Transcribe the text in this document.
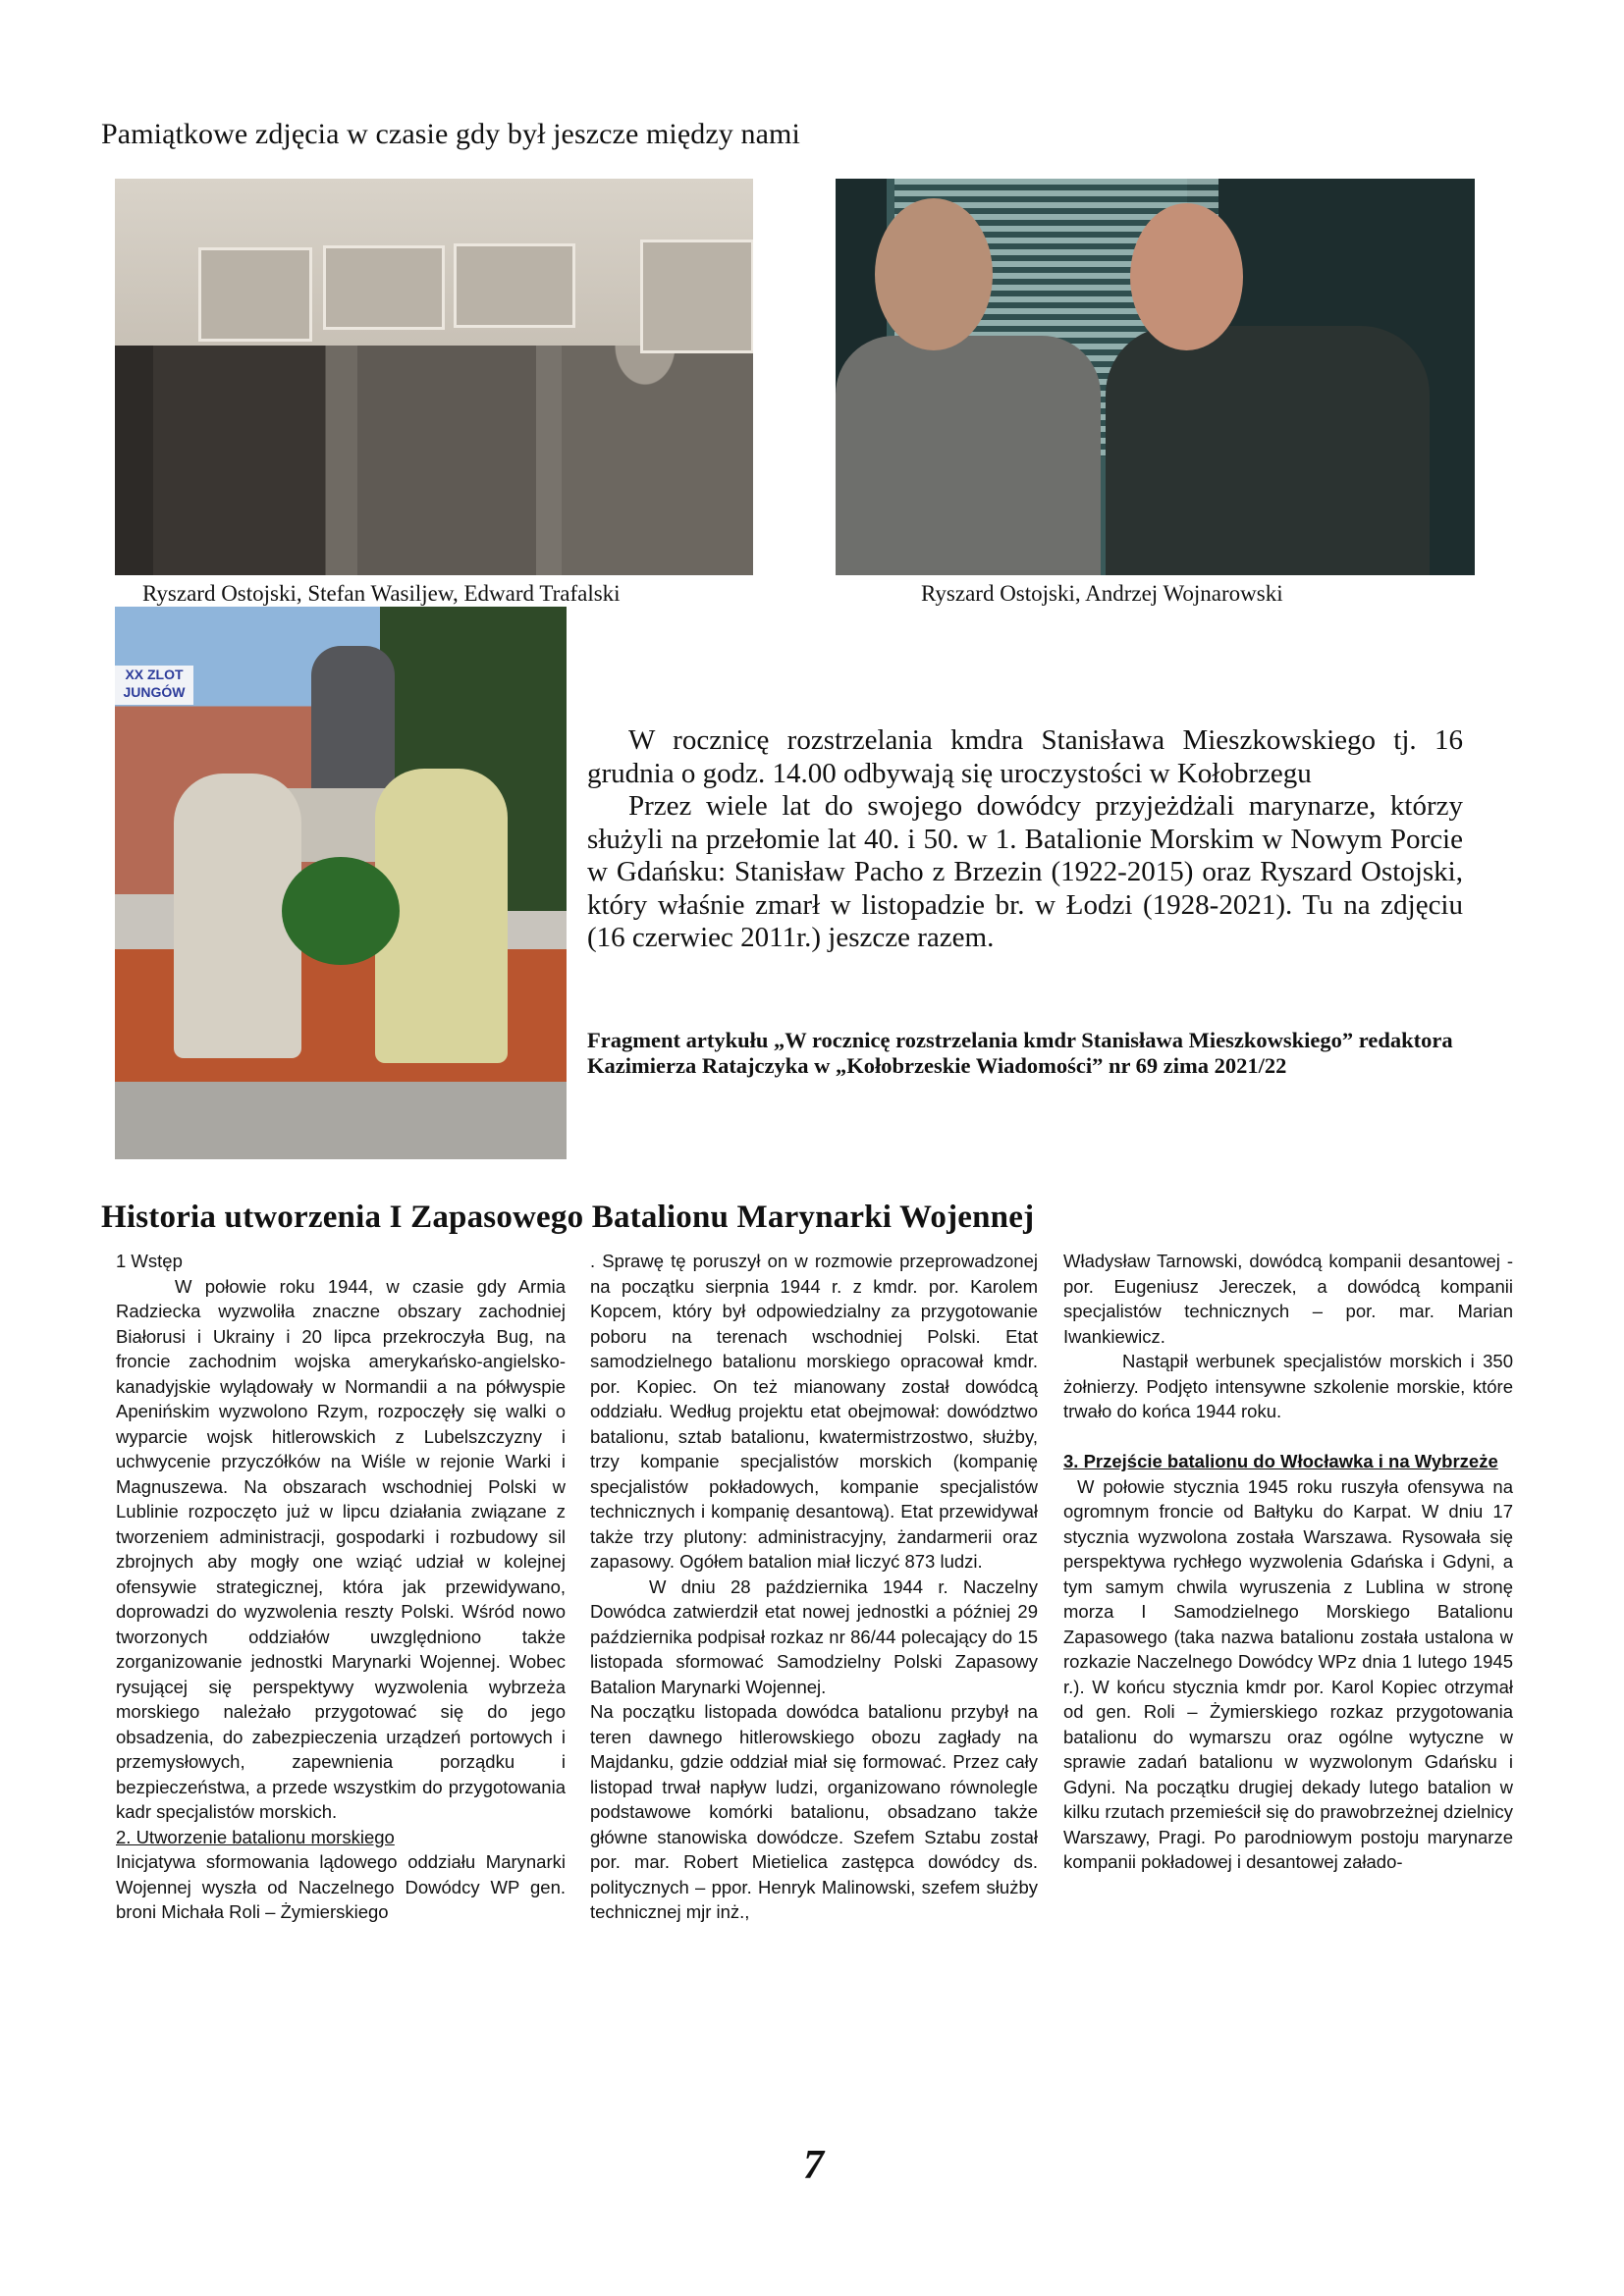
Pamiątkowe zdjęcia w czasie gdy był jeszcze między nami
Ryszard Ostojski, Stefan Wasiljew, Edward Trafalski	Ryszard Ostojski, Andrzej Wojnarowski
XX ZLOT JUNGÓW

W rocznicę rozstrzelania kmdra Stanisława Mieszkowskiego tj. 16 grudnia o godz. 14.00 odbywają się uroczystości w Kołobrzegu

Przez wiele lat do swojego dowódcy przyjeżdżali marynarze, którzy służyli na przełomie lat 40. i 50. w 1. Batalionie Morskim w Nowym Porcie w Gdańsku: Stanisław Pacho z Brzezin (1922-2015) oraz Ryszard Ostojski, który właśnie zmarł w listopadzie br. w Łodzi (1928-2021). Tu na zdjęciu (16 czerwiec 2011r.) jeszcze razem.

Fragment artykułu „W rocznicę rozstrzelania kmdr Stanisława Mieszkowskiego” redaktora Kazimierza Ratajczyka w „Kołobrzeskie Wiadomości” nr 69 zima 2021/22
Historia utworzenia I Zapasowego Batalionu Marynarki Wojennej

1 Wstęp

W połowie roku 1944, w czasie gdy Armia Radziecka wyzwoliła znaczne obszary zachodniej Białorusi i Ukrainy i 20 lipca przekroczyła Bug, na froncie zachodnim wojska amerykańsko-angielsko-kanadyjskie wylądowały w Normandii a na półwyspie Apenińskim wyzwolono Rzym, rozpoczęły się walki o wyparcie wojsk hitlerowskich z Lubelszczyzny i uchwycenie przyczółków na Wiśle w rejonie Warki i Magnuszewa. Na obszarach wschodniej Polski w Lublinie rozpoczęto już w lipcu działania związane z tworzeniem administracji, gospodarki i rozbudowy sil zbrojnych aby mogły one wziąć udział w kolejnej ofensywie strategicznej, która jak przewidywano, doprowadzi do wyzwolenia reszty Polski. Wśród nowo tworzonych oddziałów uwzględniono także zorganizowanie jednostki Marynarki Wojennej. Wobec rysującej się perspektywy wyzwolenia wybrzeża morskiego należało przygotować się do jego obsadzenia, do zabezpieczenia urządzeń portowych i przemysłowych, zapewnienia porządku i bezpieczeństwa, a przede wszystkim do przygotowania kadr specjalistów morskich.

2. Utworzenie batalionu morskiego

Inicjatywa sformowania lądowego oddziału Marynarki Wojennej wyszła od Naczelnego Dowódcy WP gen. broni Michała Roli – Żymierskiego

. Sprawę tę poruszył on w rozmowie przeprowadzonej na początku sierpnia 1944 r. z kmdr. por. Karolem Kopcem, który był odpowiedzialny za przygotowanie poboru na terenach wschodniej Polski. Etat samodzielnego batalionu morskiego opracował kmdr. por. Kopiec. On też mianowany został dowódcą oddziału. Według projektu etat obejmował: dowództwo batalionu, sztab batalionu, kwatermistrzostwo, służby, trzy kompanie specjalistów morskich (kompanię specjalistów pokładowych, kompanie specjalistów technicznych i kompanię desantową). Etat przewidywał także trzy plutony: administracyjny, żandarmerii oraz zapasowy. Ogółem batalion miał liczyć 873 ludzi.

W dniu 28 października 1944 r. Naczelny Dowódca zatwierdził etat nowej jednostki a później 29 października podpisał rozkaz nr 86/44 polecający do 15 listopada sformować Samodzielny Polski Zapasowy Batalion Marynarki Wojennej.

Na początku listopada dowódca batalionu przybył na teren dawnego hitlerowskiego obozu zagłady na Majdanku, gdzie oddział miał się formować. Przez cały listopad trwał napływ ludzi, organizowano równolegle podstawowe komórki batalionu, obsadzano także główne stanowiska dowódcze. Szefem Sztabu został por. mar. Robert Mietielica zastępca dowódcy ds. politycznych – ppor. Henryk Malinowski, szefem służby technicznej mjr inż.,

Władysław Tarnowski, dowódcą kompanii desantowej - por. Eugeniusz Jereczek, a dowódcą kompanii specjalistów technicznych – por. mar. Marian Iwankiewicz.

Nastąpił werbunek specjalistów morskich i 350 żołnierzy. Podjęto intensywne szkolenie morskie, które trwało do końca 1944 roku.

3. Przejście batalionu do Włocławka i na Wybrzeże

W połowie stycznia 1945 roku ruszyła ofensywa na ogromnym froncie od Bałtyku do Karpat. W dniu 17 stycznia wyzwolona została Warszawa. Rysowała się perspektywa rychłego wyzwolenia Gdańska i Gdyni, a tym samym chwila wyruszenia z Lublina w stronę morza I Samodzielnego Morskiego Batalionu Zapasowego (taka nazwa batalionu została ustalona w rozkazie Naczelnego Dowódcy WPz dnia 1 lutego 1945 r.). W końcu stycznia kmdr por. Karol Kopiec otrzymał od gen. Roli – Żymierskiego rozkaz przygotowania batalionu do wymarszu oraz ogólne wytyczne w sprawie zadań batalionu w wyzwolonym Gdańsku i Gdyni. Na początku drugiej dekady lutego batalion w kilku rzutach przemieścił się do prawobrzeżnej dzielnicy Warszawy, Pragi. Po parodniowym postoju marynarze kompanii pokładowej i desantowej załado-

7
